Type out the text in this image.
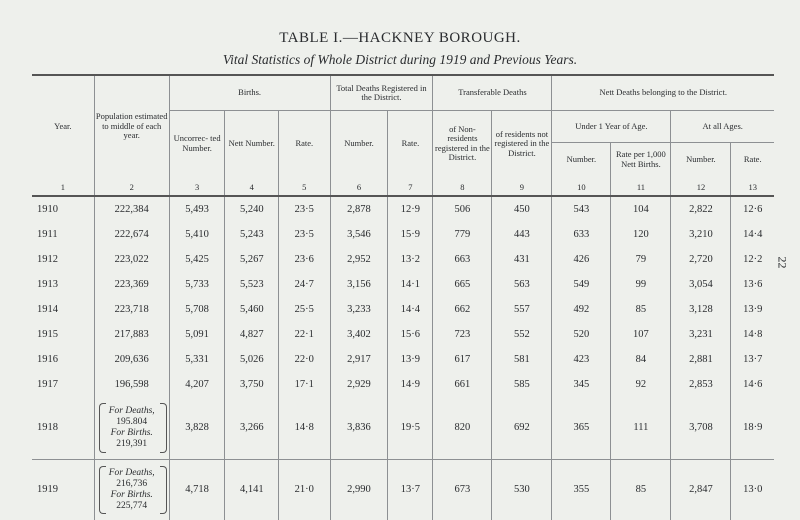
TABLE I.—HACKNEY BOROUGH.
Vital Statistics of Whole District during 1919 and Previous Years.
22
Year.	Population estimated to middle of each year.	Births.			Total Deaths Registered in the District.		Transferable Deaths		Nett Deaths belonging to the District.			
		Uncorrec- ted Number.	Nett Number.	Rate.	Number.	Rate.	of Non- residents registered in the District.	of residents not registered in the District.	Under 1 Year of Age.		At all Ages.	
									Number.	Rate per 1,000 Nett Births.	Number.	Rate.
1	2	3	4	5	6	7	8	9	10	11	12	13
1910	222,384	5,493	5,240	23·5	2,878	12·9	506	450	543	104	2,822	12·6
1911	222,674	5,410	5,243	23·5	3,546	15·9	779	443	633	120	3,210	14·4
1912	223,022	5,425	5,267	23·6	2,952	13·2	663	431	426	79	2,720	12·2
1913	223,369	5,733	5,523	24·7	3,156	14·1	665	563	549	99	3,054	13·6
1914	223,718	5,708	5,460	25·5	3,233	14·4	662	557	492	85	3,128	13·9
1915	217,883	5,091	4,827	22·1	3,402	15·6	723	552	520	107	3,231	14·8
1916	209,636	5,331	5,026	22·0	2,917	13·9	617	581	423	84	2,881	13·7
1917	196,598	4,207	3,750	17·1	2,929	14·9	661	585	345	92	2,853	14·6
1918	For Deaths,
195.804
For Births.
219,391	3,828	3,266	14·8	3,836	19·5	820	692	365	111	3,708	18·9
1919	For Deaths,
216,736
For Births.
225,774	4,718	4,141	21·0	2,990	13·7	673	530	355	85	2,847	13·0
